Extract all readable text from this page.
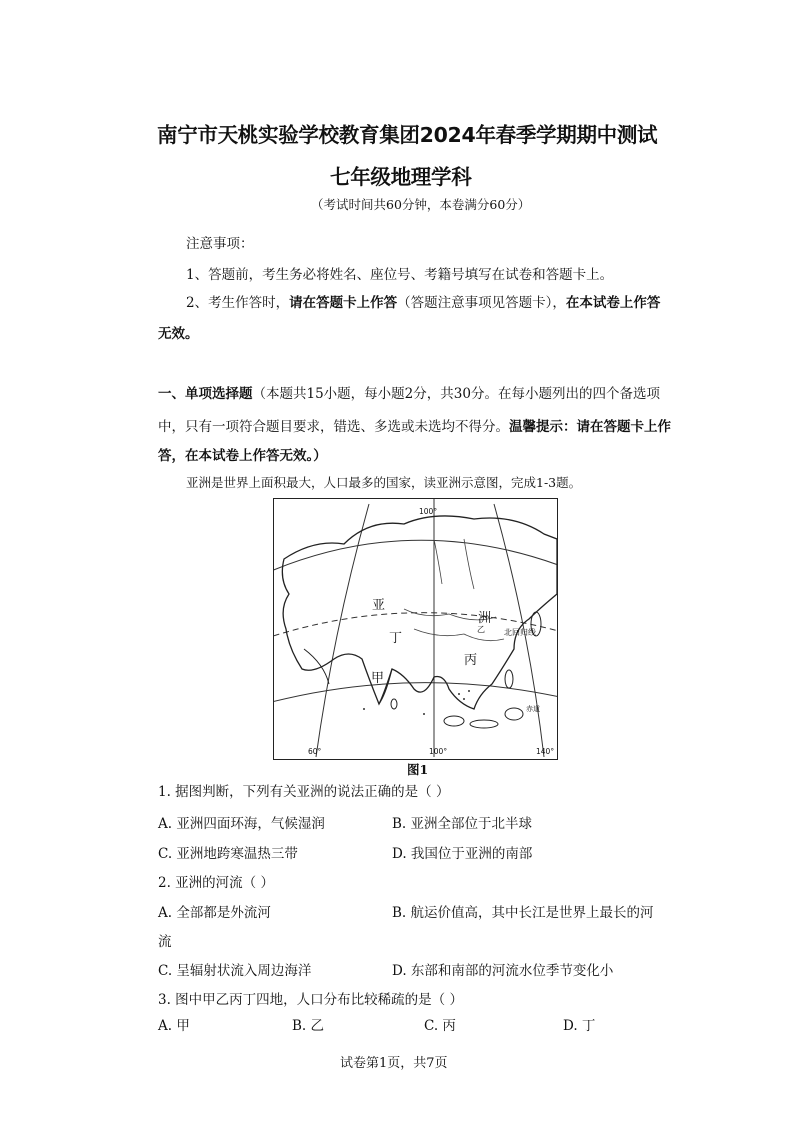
南宁市天桃实验学校教育集团2024年春季学期期中测试
七年级地理学科
（考试时间共60分钟，本卷满分60分）
注意事项：
1、答题前，考生务必将姓名、座位号、考籍号填写在试卷和答题卡上。
2、考生作答时，请在答题卡上作答（答题注意事项见答题卡），在本试卷上作答
无效。
一、单项选择题（本题共15小题，每小题2分，共30分。在每小题列出的四个备选项
中，只有一项符合题目要求，错选、多选或未选均不得分。温馨提示：请在答题卡上作
答，在本试卷上作答无效。）
亚洲是世界上面积最大，人口最多的国家，读亚洲示意图，完成1-3题。
亚
洲
丁
丙
甲
乙 北回归线
赤道
60°	100°	140°
100°
图1
1. 据图判断，下列有关亚洲的说法正确的是（ ）
A. 亚洲四面环海，气候湿润	B. 亚洲全部位于北半球
C. 亚洲地跨寒温热三带	D. 我国位于亚洲的南部
2. 亚洲的河流（ ）
A. 全部都是外流河	B. 航运价值高，其中长江是世界上最长的河
流
C. 呈辐射状流入周边海洋	D. 东部和南部的河流水位季节变化小
3. 图中甲乙丙丁四地，人口分布比较稀疏的是（ ）
A. 甲	B. 乙	C. 丙	D. 丁
试卷第1页，共7页
